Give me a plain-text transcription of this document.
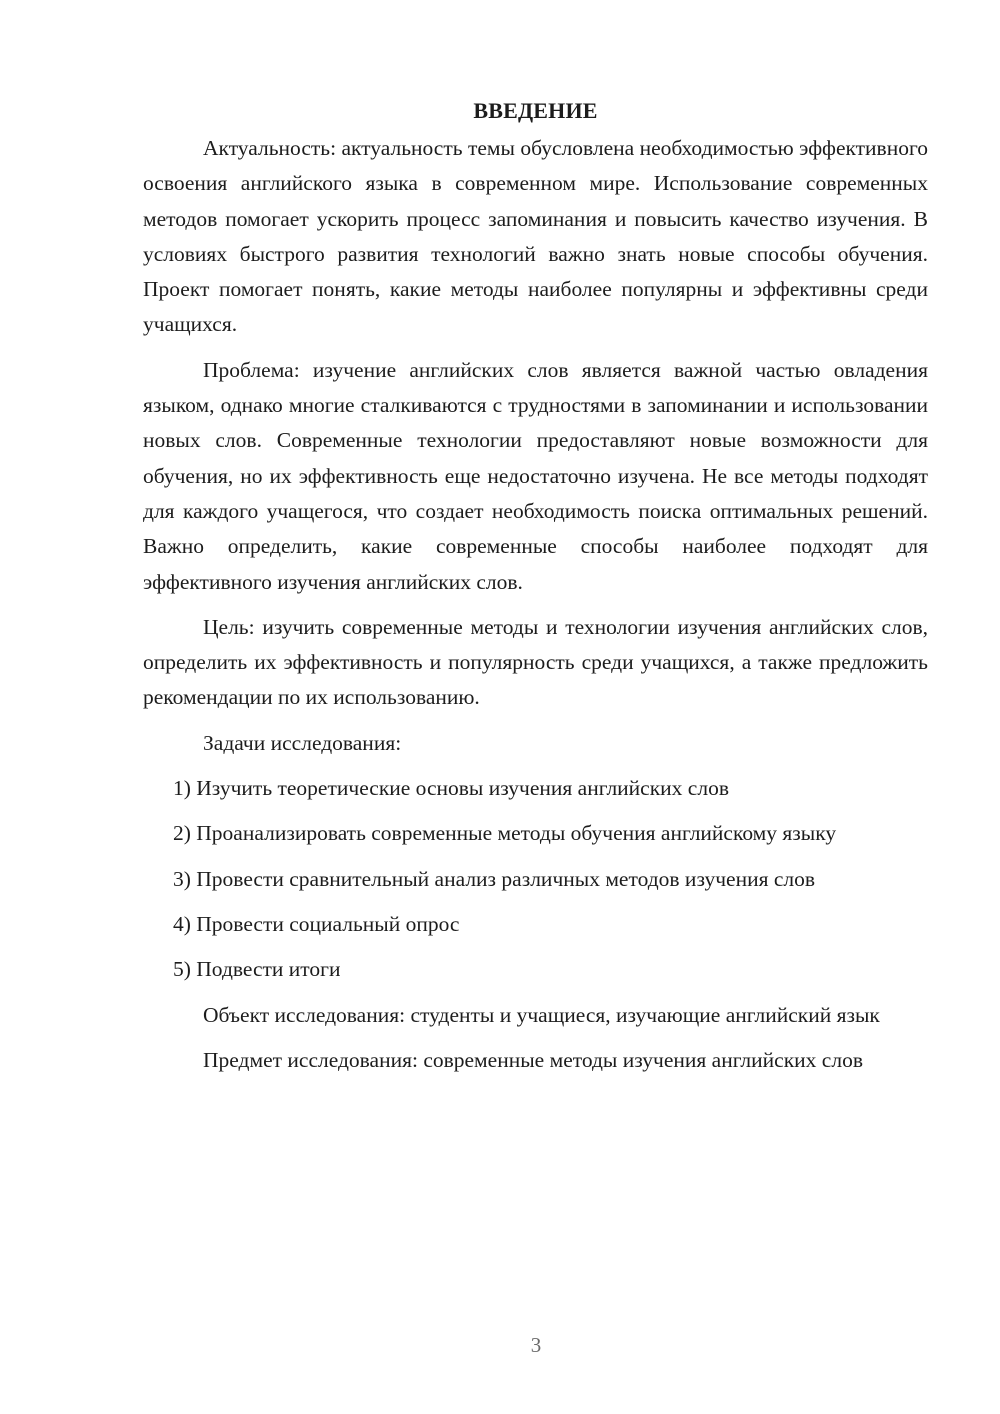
ВВЕДЕНИЕ

Актуальность: актуальность темы обусловлена необходимостью эффективного освоения английского языка в современном мире. Использование современных методов помогает ускорить процесс запоминания и повысить качество изучения. В условиях быстрого развития технологий важно знать новые способы обучения. Проект помогает понять, какие методы наиболее популярны и эффективны среди учащихся.

Проблема: изучение английских слов является важной частью овладения языком, однако многие сталкиваются с трудностями в запоминании и использовании новых слов. Современные технологии предоставляют новые возможности для обучения, но их эффективность еще недостаточно изучена. Не все методы подходят для каждого учащегося, что создает необходимость поиска оптимальных решений. Важно определить, какие современные способы наиболее подходят для эффективного изучения английских слов.

Цель: изучить современные методы и технологии изучения английских слов, определить их эффективность и популярность среди учащихся, а также предложить рекомендации по их использованию.

Задачи исследования:

1) Изучить теоретические основы изучения английских слов

2) Проанализировать современные методы обучения английскому языку

3) Провести сравнительный анализ различных методов изучения слов

4) Провести социальный опрос

5) Подвести итоги

Объект исследования: студенты и учащиеся, изучающие английский язык

Предмет исследования: современные методы изучения английских слов

3
